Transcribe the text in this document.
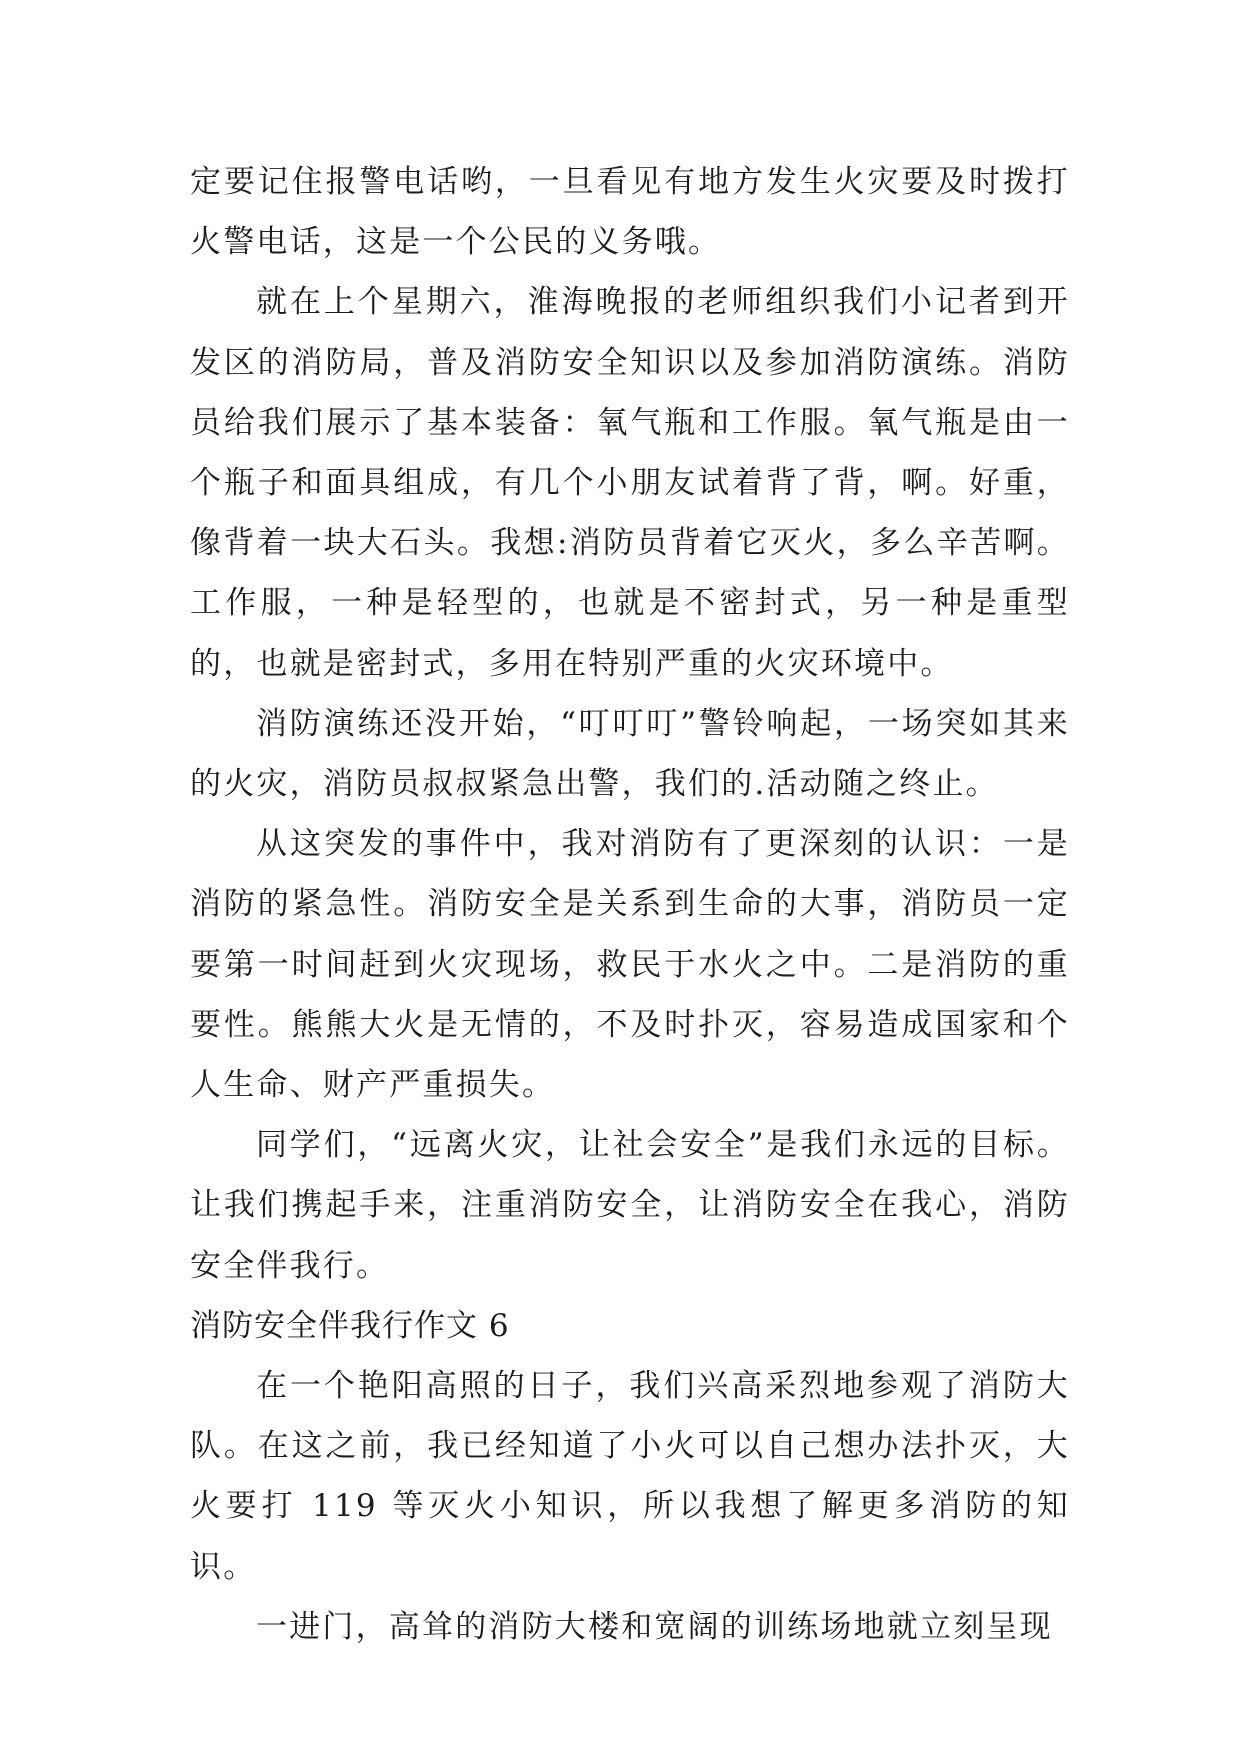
定要记住报警电话哟，一旦看见有地方发生火灾要及时拨打火警电话，这是一个公民的义务哦。

就在上个星期六，淮海晚报的老师组织我们小记者到开发区的消防局，普及消防安全知识以及参加消防演练。消防员给我们展示了基本装备：氧气瓶和工作服。氧气瓶是由一个瓶子和面具组成，有几个小朋友试着背了背，啊。好重，像背着一块大石头。我想:消防员背着它灭火，多么辛苦啊。工作服，一种是轻型的，也就是不密封式，另一种是重型的，也就是密封式，多用在特别严重的火灾环境中。

消防演练还没开始，“叮叮叮”警铃响起，一场突如其来的火灾，消防员叔叔紧急出警，我们的.活动随之终止。

从这突发的事件中，我对消防有了更深刻的认识：一是消防的紧急性。消防安全是关系到生命的大事，消防员一定要第一时间赶到火灾现场，救民于水火之中。二是消防的重要性。熊熊大火是无情的，不及时扑灭，容易造成国家和个人生命、财产严重损失。

同学们，“远离火灾，让社会安全”是我们永远的目标。让我们携起手来，注重消防安全，让消防安全在我心，消防安全伴我行。

消防安全伴我行作文 6

在一个艳阳高照的日子，我们兴高采烈地参观了消防大队。在这之前，我已经知道了小火可以自己想办法扑灭，大火要打 119 等灭火小知识，所以我想了解更多消防的知识。

一进门，高耸的消防大楼和宽阔的训练场地就立刻呈现
